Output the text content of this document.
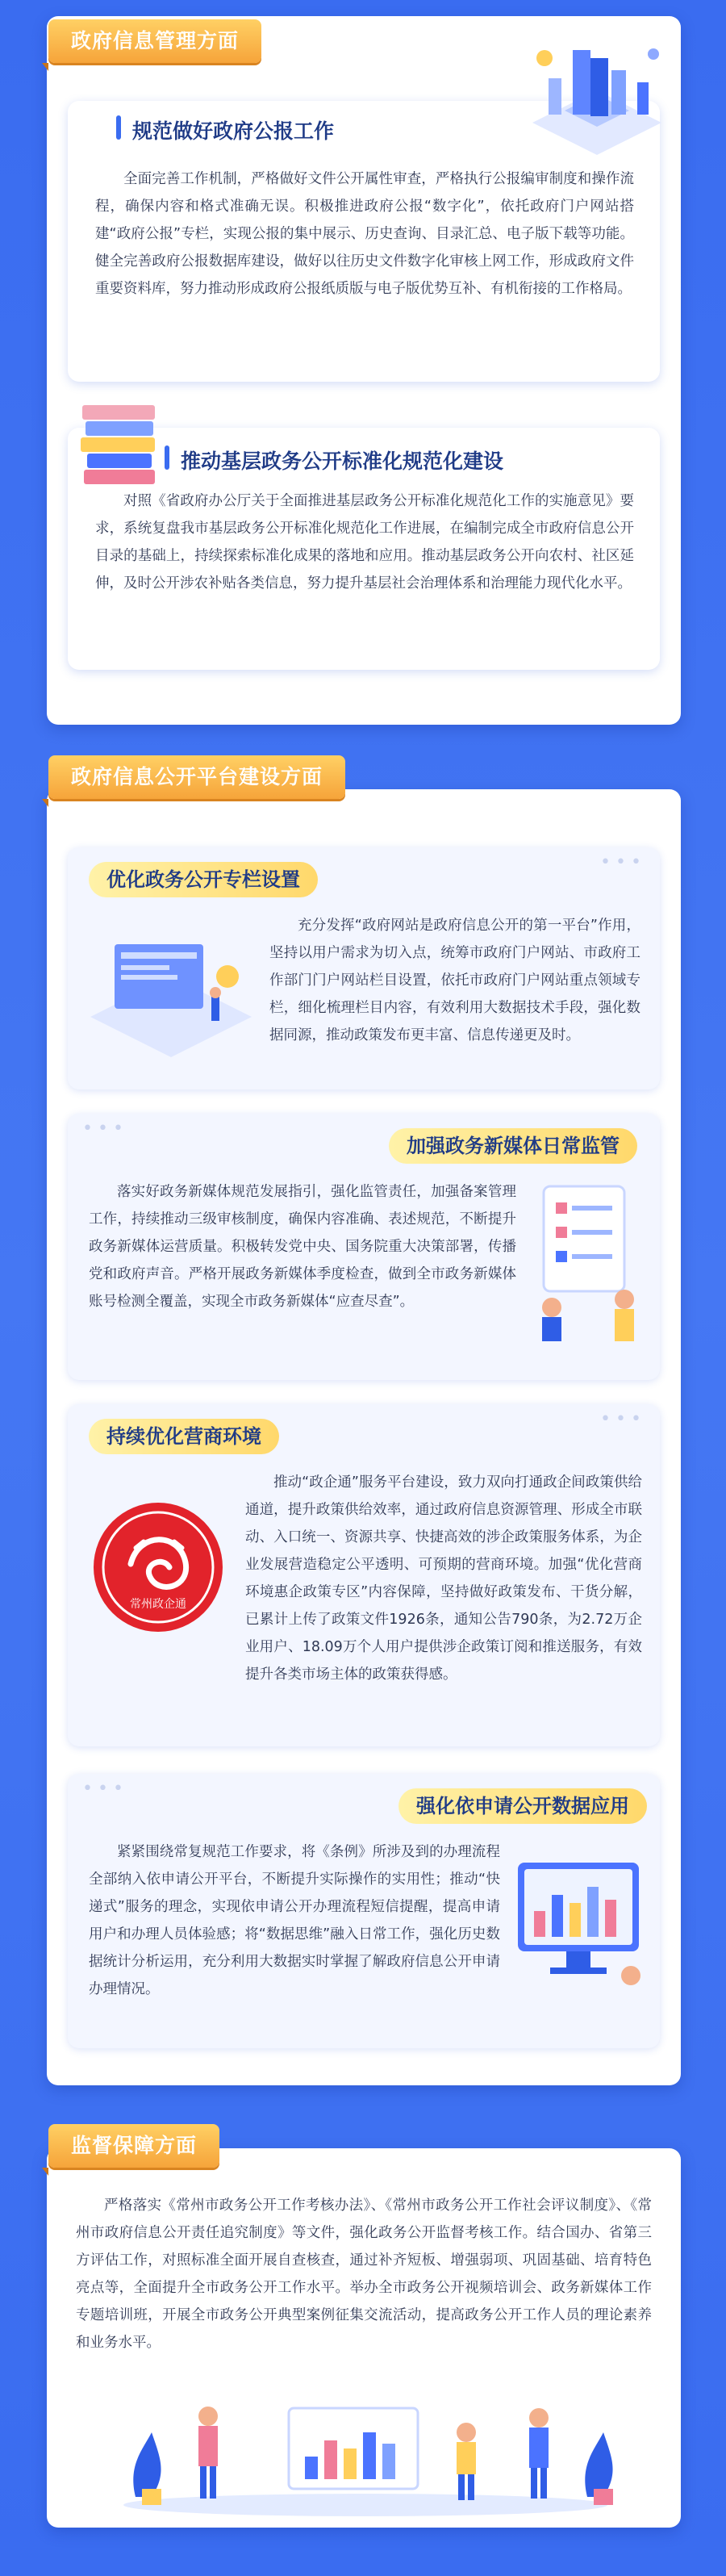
规范做好政府公报工作
全面完善工作机制，严格做好文件公开属性审查，严格执行公报编审制度和操作流程，确保内容和格式准确无误。积极推进政府公报“数字化”，依托政府门户网站搭建“政府公报”专栏，实现公报的集中展示、历史查询、目录汇总、电子版下载等功能。健全完善政府公报数据库建设，做好以往历史文件数字化审核上网工作，形成政府文件重要资料库，努力推动形成政府公报纸质版与电子版优势互补、有机衔接的工作格局。
推动基层政务公开标准化规范化建设
对照《省政府办公厅关于全面推进基层政务公开标准化规范化工作的实施意见》要求，系统复盘我市基层政务公开标准化规范化工作进展，在编制完成全市政府信息公开目录的基础上，持续探索标准化成果的落地和应用。推动基层政务公开向农村、社区延伸，及时公开涉农补贴各类信息，努力提升基层社会治理体系和治理能力现代化水平。
政府信息管理方面
•••
优化政务公开专栏设置
充分发挥“政府网站是政府信息公开的第一平台”作用，坚持以用户需求为切入点，统筹市政府门户网站、市政府工作部门门户网站栏目设置，依托市政府门户网站重点领域专栏，细化梳理栏目内容，有效利用大数据技术手段，强化数据同源，推动政策发布更丰富、信息传递更及时。
•••
加强政务新媒体日常监管
落实好政务新媒体规范发展指引，强化监管责任，加强备案管理工作，持续推动三级审核制度，确保内容准确、表述规范，不断提升政务新媒体运营质量。积极转发党中央、国务院重大决策部署，传播党和政府声音。严格开展政务新媒体季度检查，做到全市政务新媒体账号检测全覆盖，实现全市政务新媒体“应查尽查”。
•••
持续优化营商环境
推动“政企通”服务平台建设，致力双向打通政企间政策供给通道，提升政策供给效率，通过政府信息资源管理、形成全市联动、入口统一、资源共享、快捷高效的涉企政策服务体系，为企业发展营造稳定公平透明、可预期的营商环境。加强“优化营商环境惠企政策专区”内容保障，坚持做好政策发布、干货分解，已累计上传了政策文件1926条，通知公告790条，为2.72万企业用户、18.09万个人用户提供涉企政策订阅和推送服务，有效提升各类市场主体的政策获得感。
常州政企通
•••
强化依申请公开数据应用
紧紧围绕常复规范工作要求，将《条例》所涉及到的办理流程全部纳入依申请公开平台，不断提升实际操作的实用性；推动“快递式”服务的理念，实现依申请公开办理流程短信提醒，提高申请用户和办理人员体验感；将“数据思维”融入日常工作，强化历史数据统计分析运用，充分利用大数据实时掌握了解政府信息公开申请办理情况。
政府信息公开平台建设方面
严格落实《常州市政务公开工作考核办法》、《常州市政务公开工作社会评议制度》、《常州市政府信息公开责任追究制度》等文件，强化政务公开监督考核工作。结合国办、省第三方评估工作，对照标准全面开展自查核查，通过补齐短板、增强弱项、巩固基础、培育特色亮点等，全面提升全市政务公开工作水平。举办全市政务公开视频培训会、政务新媒体工作专题培训班，开展全市政务公开典型案例征集交流活动，提高政务公开工作人员的理论素养和业务水平。
监督保障方面
